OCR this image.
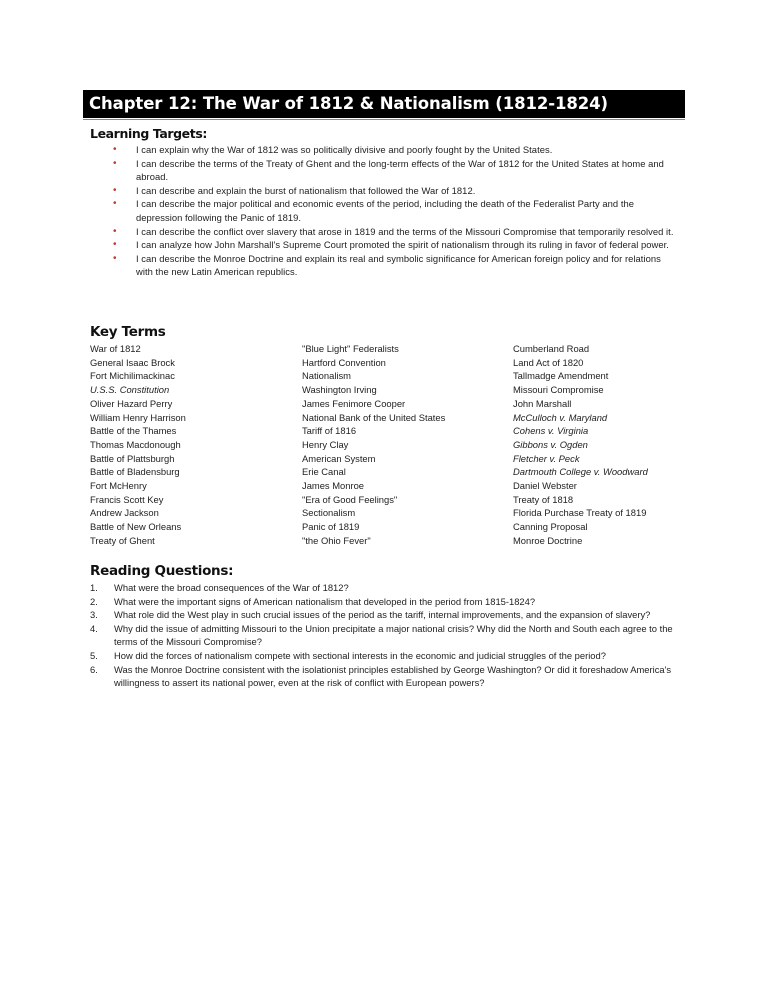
Chapter 12: The War of 1812 & Nationalism (1812-1824)
Learning Targets:
• I can explain why the War of 1812 was so politically divisive and poorly fought by the United States.
• I can describe the terms of the Treaty of Ghent and the long-term effects of the War of 1812 for the United States at home and abroad.
• I can describe and explain the burst of nationalism that followed the War of 1812.
• I can describe the major political and economic events of the period, including the death of the Federalist Party and the depression following the Panic of 1819.
• I can describe the conflict over slavery that arose in 1819 and the terms of the Missouri Compromise that temporarily resolved it.
• I can analyze how John Marshall's Supreme Court promoted the spirit of nationalism through its ruling in favor of federal power.
• I can describe the Monroe Doctrine and explain its real and symbolic significance for American foreign policy and for relations with the new Latin American republics.
Key Terms
War of 1812
General Isaac Brock
Fort Michilimackinac
U.S.S. Constitution
Oliver Hazard Perry
William Henry Harrison
Battle of the Thames
Thomas Macdonough
Battle of Plattsburgh
Battle of Bladensburg
Fort McHenry
Francis Scott Key
Andrew Jackson
Battle of New Orleans
Treaty of Ghent
"Blue Light" Federalists
Hartford Convention
Nationalism
Washington Irving
James Fenimore Cooper
National Bank of the United States
Tariff of 1816
Henry Clay
American System
Erie Canal
James Monroe
"Era of Good Feelings"
Sectionalism
Panic of 1819
"the Ohio Fever"
Cumberland Road
Land Act of 1820
Tallmadge Amendment
Missouri Compromise
John Marshall
McCulloch v. Maryland
Cohens v. Virginia
Gibbons v. Ogden
Fletcher v. Peck
Dartmouth College v. Woodward
Daniel Webster
Treaty of 1818
Florida Purchase Treaty of 1819
Canning Proposal
Monroe Doctrine
Reading Questions:
1. What were the broad consequences of the War of 1812?
2. What were the important signs of American nationalism that developed in the period from 1815-1824?
3. What role did the West play in such crucial issues of the period as the tariff, internal improvements, and the expansion of slavery?
4. Why did the issue of admitting Missouri to the Union precipitate a major national crisis? Why did the North and South each agree to the terms of the Missouri Compromise?
5. How did the forces of nationalism compete with sectional interests in the economic and judicial struggles of the period?
6. Was the Monroe Doctrine consistent with the isolationist principles established by George Washington? Or did it foreshadow America's willingness to assert its national power, even at the risk of conflict with European powers?
